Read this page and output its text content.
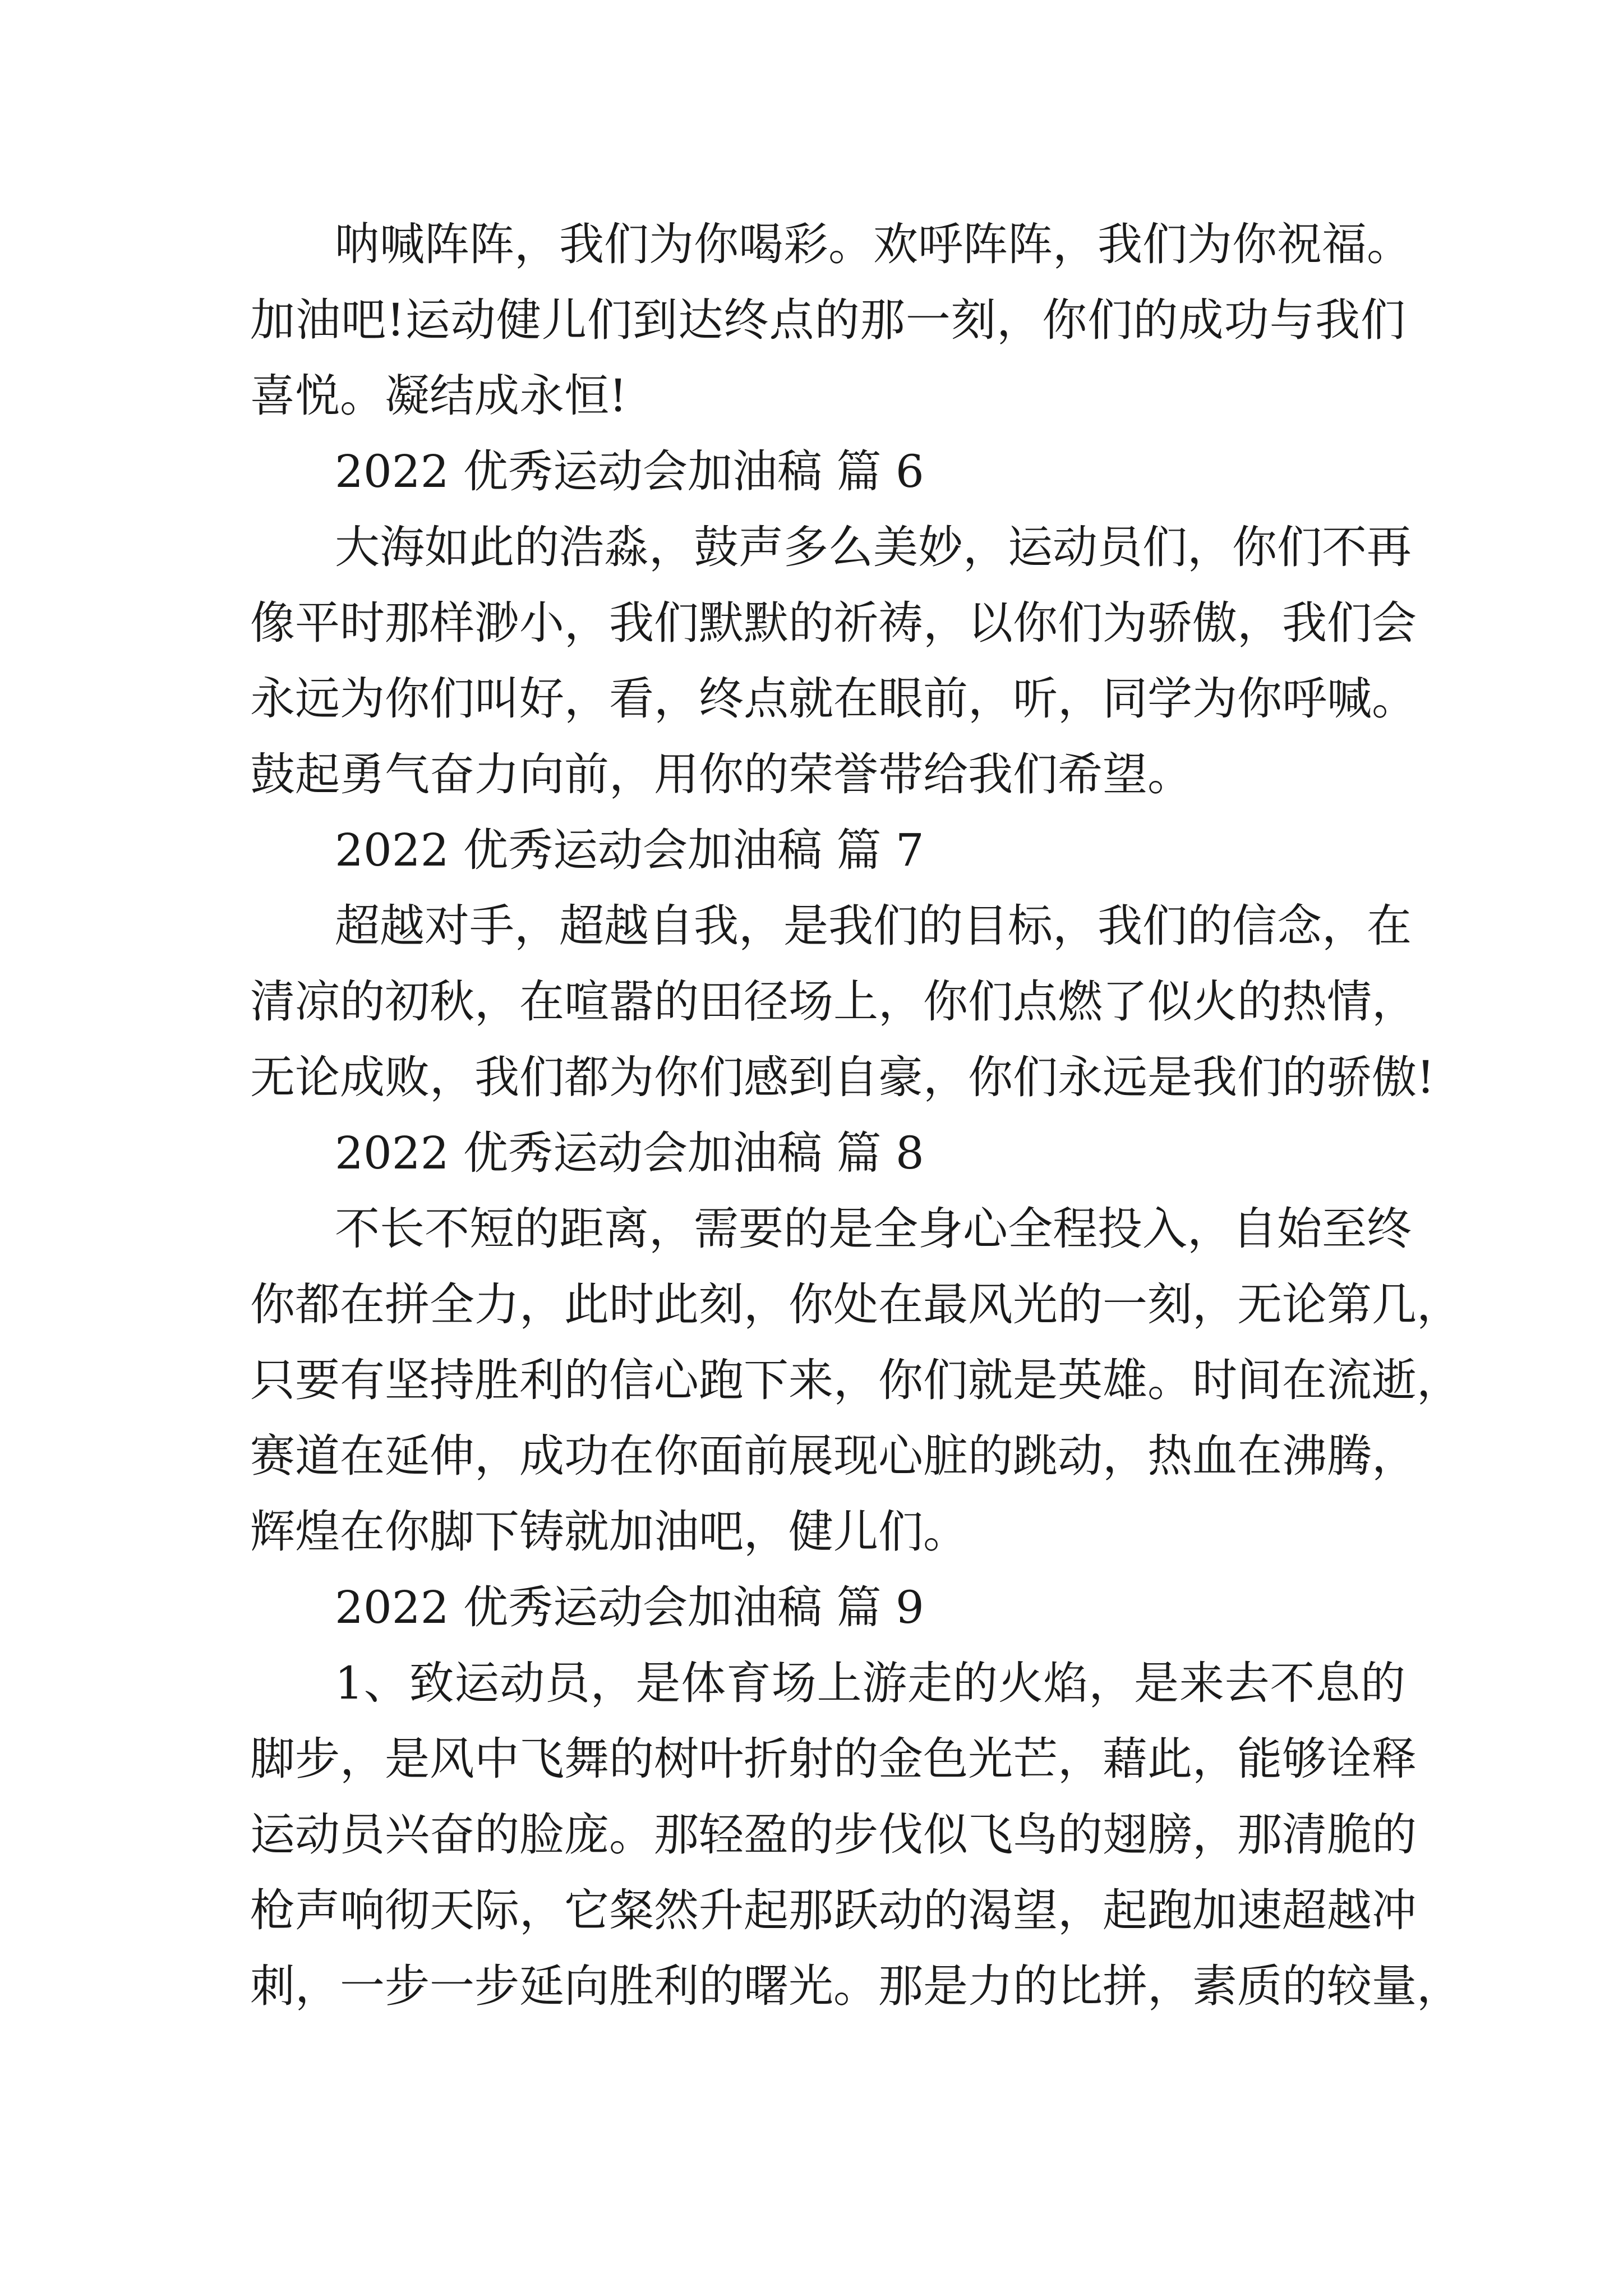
呐喊阵阵，我们为你喝彩。欢呼阵阵，我们为你祝福。
加油吧!运动健儿们到达终点的那一刻，你们的成功与我们
喜悦。凝结成永恒!
2022 优秀运动会加油稿 篇 6
大海如此的浩淼，鼓声多么美妙，运动员们，你们不再
像平时那样渺小，我们默默的祈祷，以你们为骄傲，我们会
永远为你们叫好，看，终点就在眼前，听，同学为你呼喊。
鼓起勇气奋力向前，用你的荣誉带给我们希望。
2022 优秀运动会加油稿 篇 7
超越对手，超越自我，是我们的目标，我们的信念，在
清凉的初秋，在喧嚣的田径场上，你们点燃了似火的热情，
无论成败，我们都为你们感到自豪，你们永远是我们的骄傲!
2022 优秀运动会加油稿 篇 8
不长不短的距离，需要的是全身心全程投入，自始至终
你都在拼全力，此时此刻，你处在最风光的一刻，无论第几，
只要有坚持胜利的信心跑下来，你们就是英雄。时间在流逝，
赛道在延伸，成功在你面前展现心脏的跳动，热血在沸腾，
辉煌在你脚下铸就加油吧，健儿们。
2022 优秀运动会加油稿 篇 9
1、致运动员，是体育场上游走的火焰，是来去不息的
脚步，是风中飞舞的树叶折射的金色光芒，藉此，能够诠释
运动员兴奋的脸庞。那轻盈的步伐似飞鸟的翅膀，那清脆的
枪声响彻天际，它粲然升起那跃动的渴望，起跑加速超越冲
刺，一步一步延向胜利的曙光。那是力的比拼，素质的较量，
